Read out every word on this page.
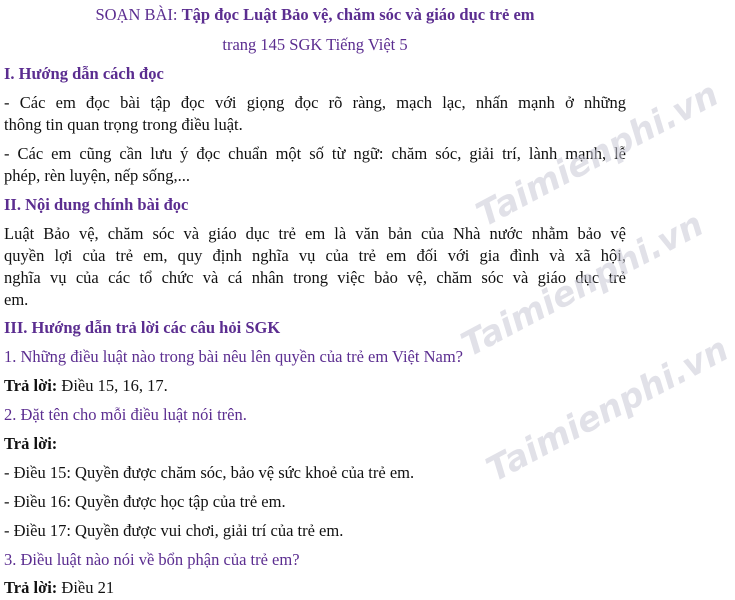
SOẠN BÀI: Tập đọc Luật Bảo vệ, chăm sóc và giáo dục trẻ em
trang 145 SGK Tiếng Việt 5
I. Hướng dẫn cách đọc
- Các em đọc bài tập đọc với giọng đọc rõ ràng, mạch lạc, nhấn mạnh ở những
thông tin quan trọng trong điều luật.
- Các em cũng cần lưu ý đọc chuẩn một số từ ngữ: chăm sóc, giải trí, lành mạnh, lễ
phép, rèn luyện, nếp sống,...
II. Nội dung chính bài đọc
Luật Bảo vệ, chăm sóc và giáo dục trẻ em là văn bản của Nhà nước nhằm bảo vệ
quyền lợi của trẻ em, quy định nghĩa vụ của trẻ em đối với gia đình và xã hội,
nghĩa vụ của các tổ chức và cá nhân trong việc bảo vệ, chăm sóc và giáo dục trẻ
em.
III. Hướng dẫn trả lời các câu hỏi SGK
1. Những điều luật nào trong bài nêu lên quyền của trẻ em Việt Nam?
Trả lời: Điều 15, 16, 17.
2. Đặt tên cho mỗi điều luật nói trên.
Trả lời:
- Điều 15: Quyền được chăm sóc, bảo vệ sức khoẻ của trẻ em.
- Điều 16: Quyền được học tập của trẻ em.
- Điều 17: Quyền được vui chơi, giải trí của trẻ em.
3. Điều luật nào nói về bổn phận của trẻ em?
Trả lời: Điều 21
Taimienphi.vn
Taimienphi.vn
Taimienphi.vn
